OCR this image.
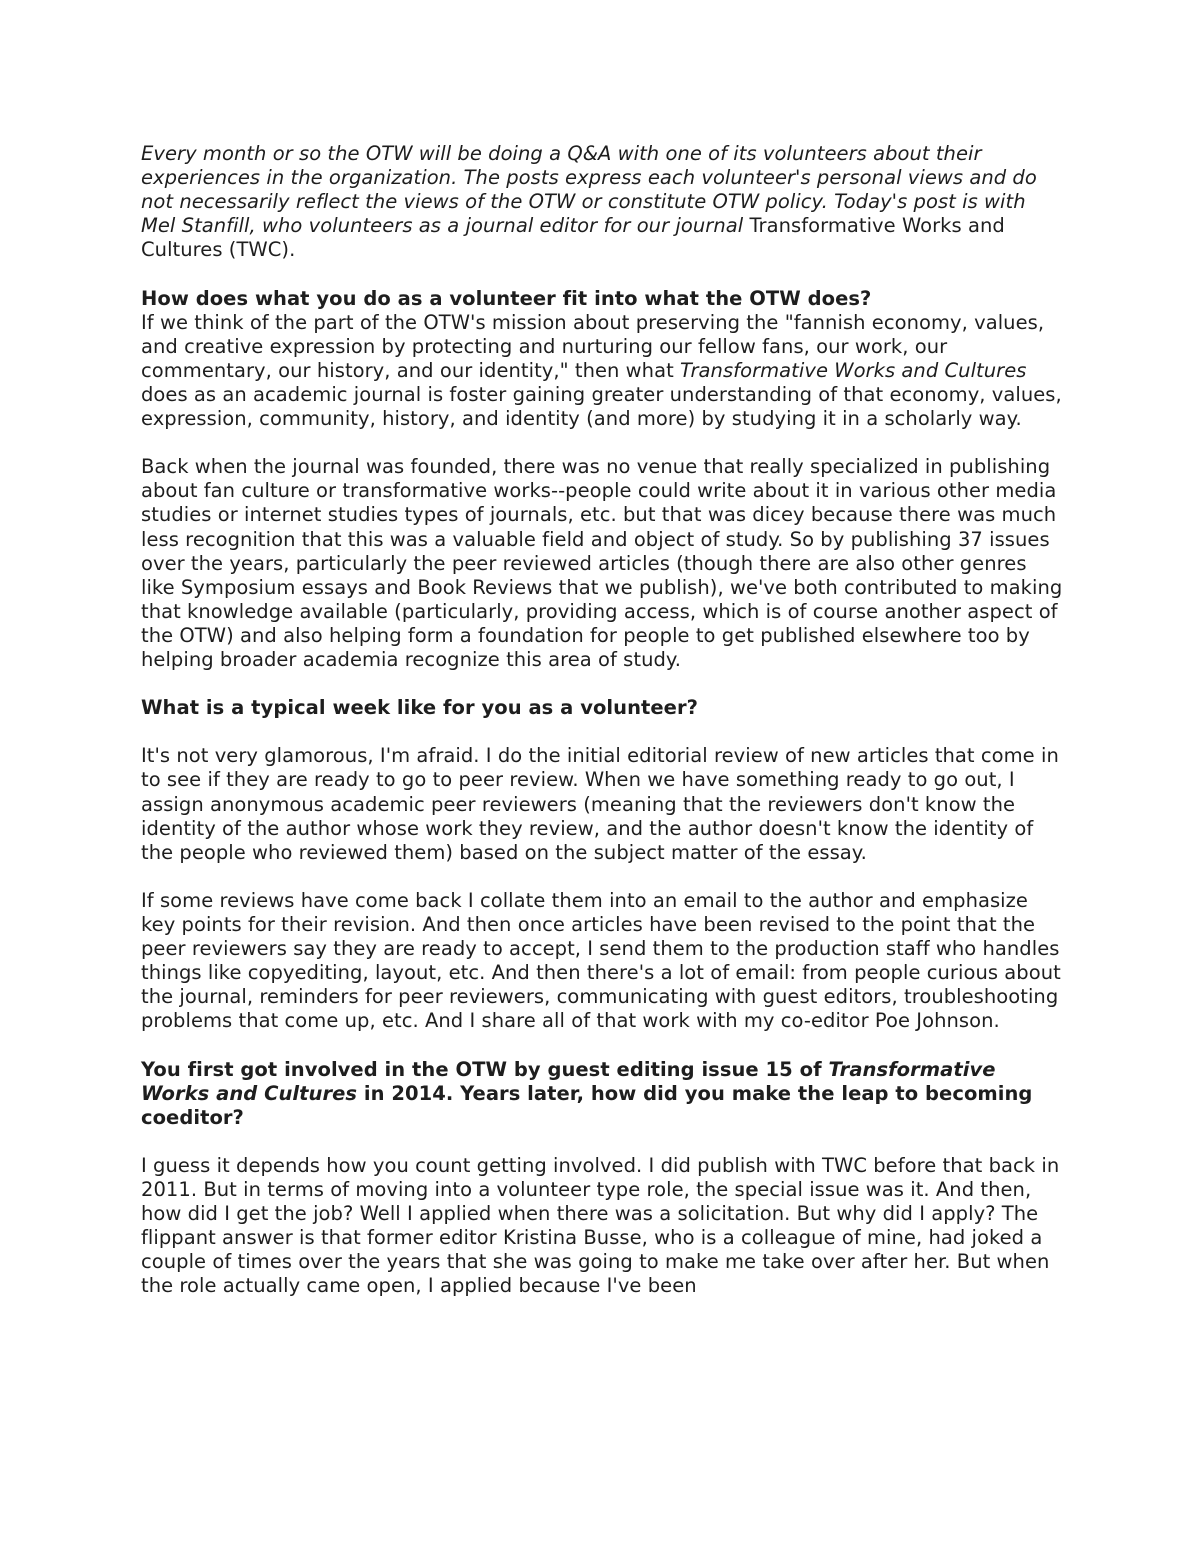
Every month or so the OTW will be doing a Q&A with one of its volunteers about their experiences in the organization. The posts express each volunteer's personal views and do not necessarily reflect the views of the OTW or constitute OTW policy. Today's post is with Mel Stanfill, who volunteers as a journal editor for our journal Transformative Works and Cultures (TWC).

How does what you do as a volunteer fit into what the OTW does?

If we think of the part of the OTW's mission about preserving the "fannish economy, values, and creative expression by protecting and nurturing our fellow fans, our work, our commentary, our history, and our identity," then what Transformative Works and Cultures does as an academic journal is foster gaining greater understanding of that economy, values, expression, community, history, and identity (and more) by studying it in a scholarly way.

Back when the journal was founded, there was no venue that really specialized in publishing about fan culture or transformative works--people could write about it in various other media studies or internet studies types of journals, etc. but that was dicey because there was much less recognition that this was a valuable field and object of study. So by publishing 37 issues over the years, particularly the peer reviewed articles (though there are also other genres like Symposium essays and Book Reviews that we publish), we've both contributed to making that knowledge available (particularly, providing access, which is of course another aspect of the OTW) and also helping form a foundation for people to get published elsewhere too by helping broader academia recognize this area of study.

What is a typical week like for you as a volunteer?

It's not very glamorous, I'm afraid. I do the initial editorial review of new articles that come in to see if they are ready to go to peer review. When we have something ready to go out, I assign anonymous academic peer reviewers (meaning that the reviewers don't know the identity of the author whose work they review, and the author doesn't know the identity of the people who reviewed them) based on the subject matter of the essay.

If some reviews have come back I collate them into an email to the author and emphasize key points for their revision. And then once articles have been revised to the point that the peer reviewers say they are ready to accept, I send them to the production staff who handles things like copyediting, layout, etc. And then there's a lot of email: from people curious about the journal, reminders for peer reviewers, communicating with guest editors, troubleshooting problems that come up, etc. And I share all of that work with my co-editor Poe Johnson.

You first got involved in the OTW by guest editing issue 15 of Transformative Works and Cultures in 2014. Years later, how did you make the leap to becoming coeditor?

I guess it depends how you count getting involved. I did publish with TWC before that back in 2011. But in terms of moving into a volunteer type role, the special issue was it. And then, how did I get the job? Well I applied when there was a solicitation. But why did I apply? The flippant answer is that former editor Kristina Busse, who is a colleague of mine, had joked a couple of times over the years that she was going to make me take over after her. But when the role actually came open, I applied because I've been
